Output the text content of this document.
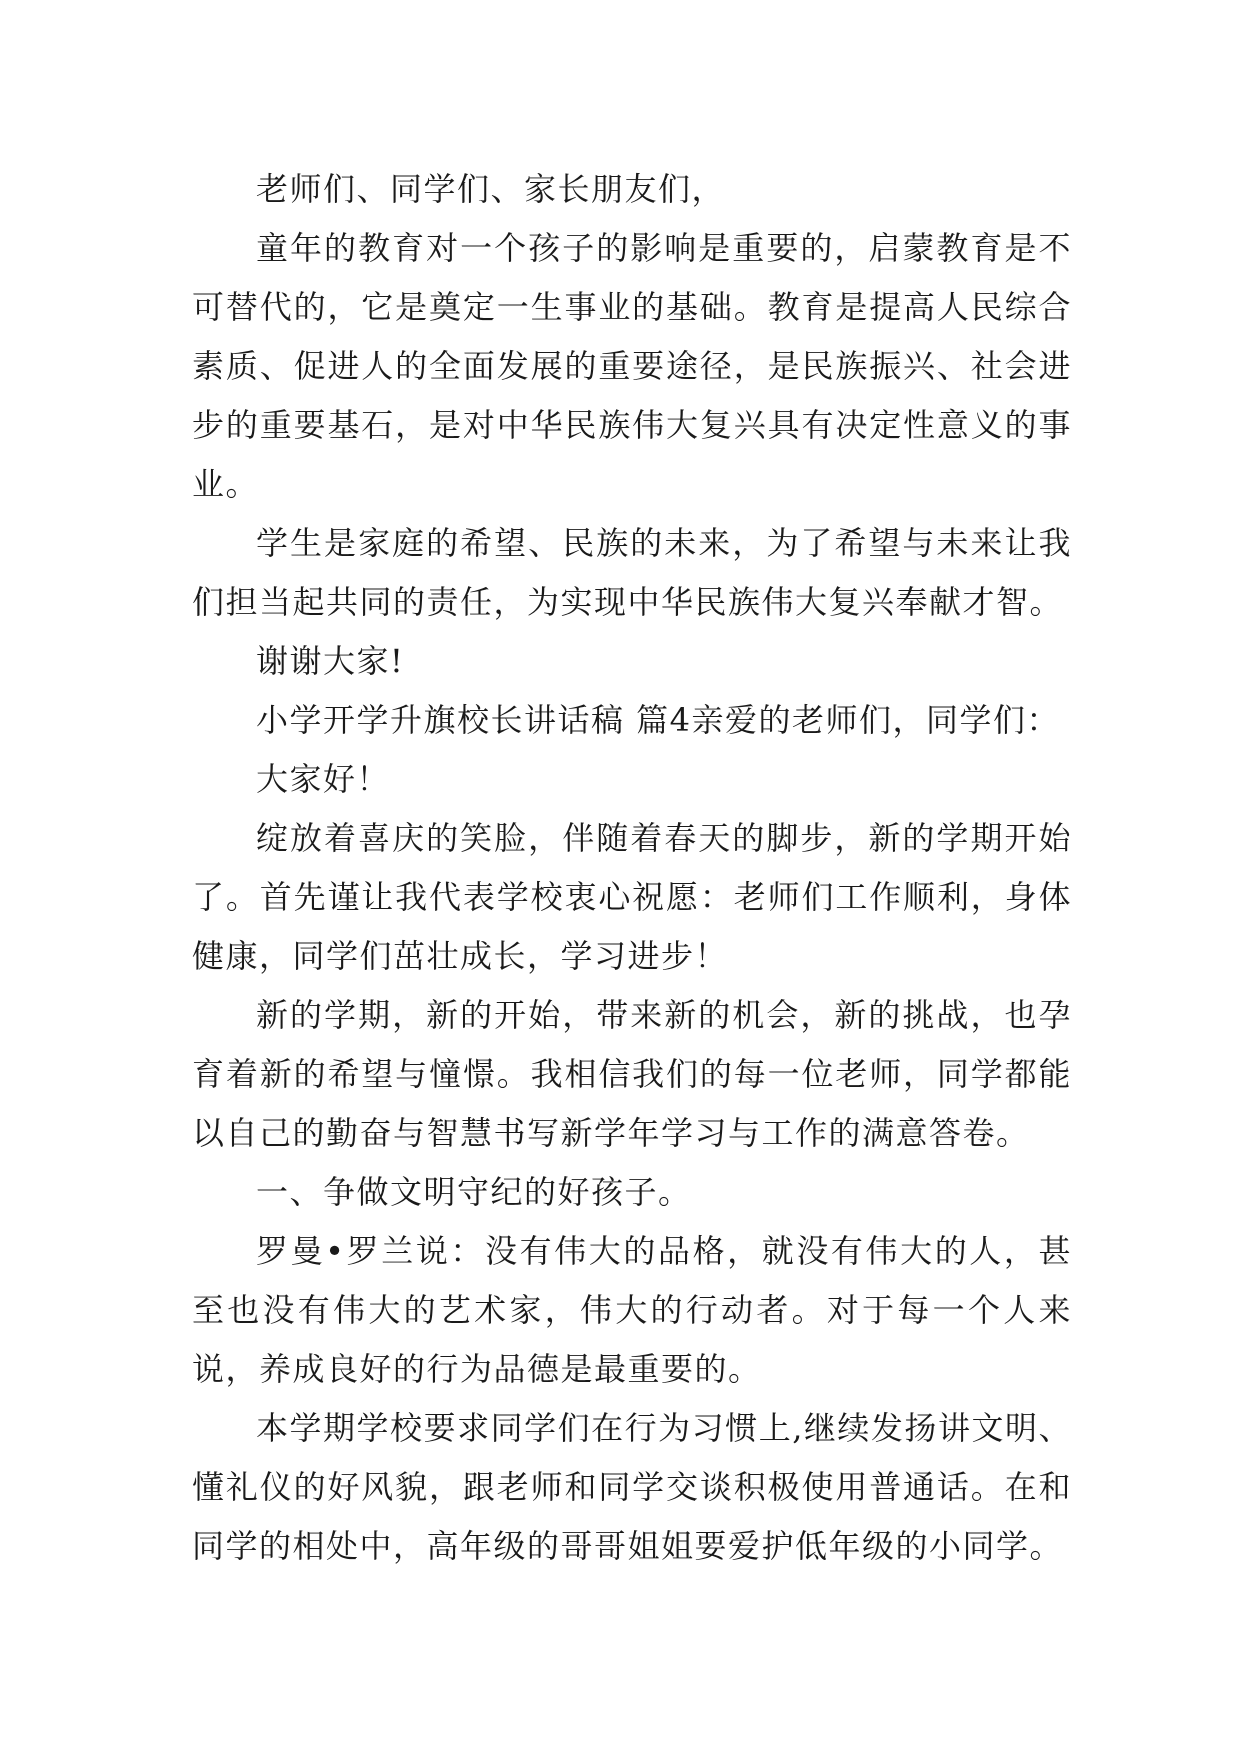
老师们、同学们、家长朋友们，

童年的教育对一个孩子的影响是重要的，启蒙教育是不可替代的，它是奠定一生事业的基础。教育是提高人民综合素质、促进人的全面发展的重要途径，是民族振兴、社会进步的重要基石，是对中华民族伟大复兴具有决定性意义的事业。

学生是家庭的希望、民族的未来，为了希望与未来让我们担当起共同的责任，为实现中华民族伟大复兴奉献才智。

谢谢大家!

小学开学升旗校长讲话稿 篇4亲爱的老师们，同学们：

大家好！

绽放着喜庆的笑脸，伴随着春天的脚步，新的学期开始了。首先谨让我代表学校衷心祝愿：老师们工作顺利，身体健康，同学们茁壮成长，学习进步！

新的学期，新的开始，带来新的机会，新的挑战，也孕育着新的希望与憧憬。我相信我们的每一位老师，同学都能以自己的勤奋与智慧书写新学年学习与工作的满意答卷。

一、争做文明守纪的好孩子。

罗曼•罗兰说：没有伟大的品格，就没有伟大的人，甚至也没有伟大的艺术家，伟大的行动者。对于每一个人来说，养成良好的行为品德是最重要的。

本学期学校要求同学们在行为习惯上,继续发扬讲文明、懂礼仪的好风貌，跟老师和同学交谈积极使用普通话。在和同学的相处中，高年级的哥哥姐姐要爱护低年级的小同学。
